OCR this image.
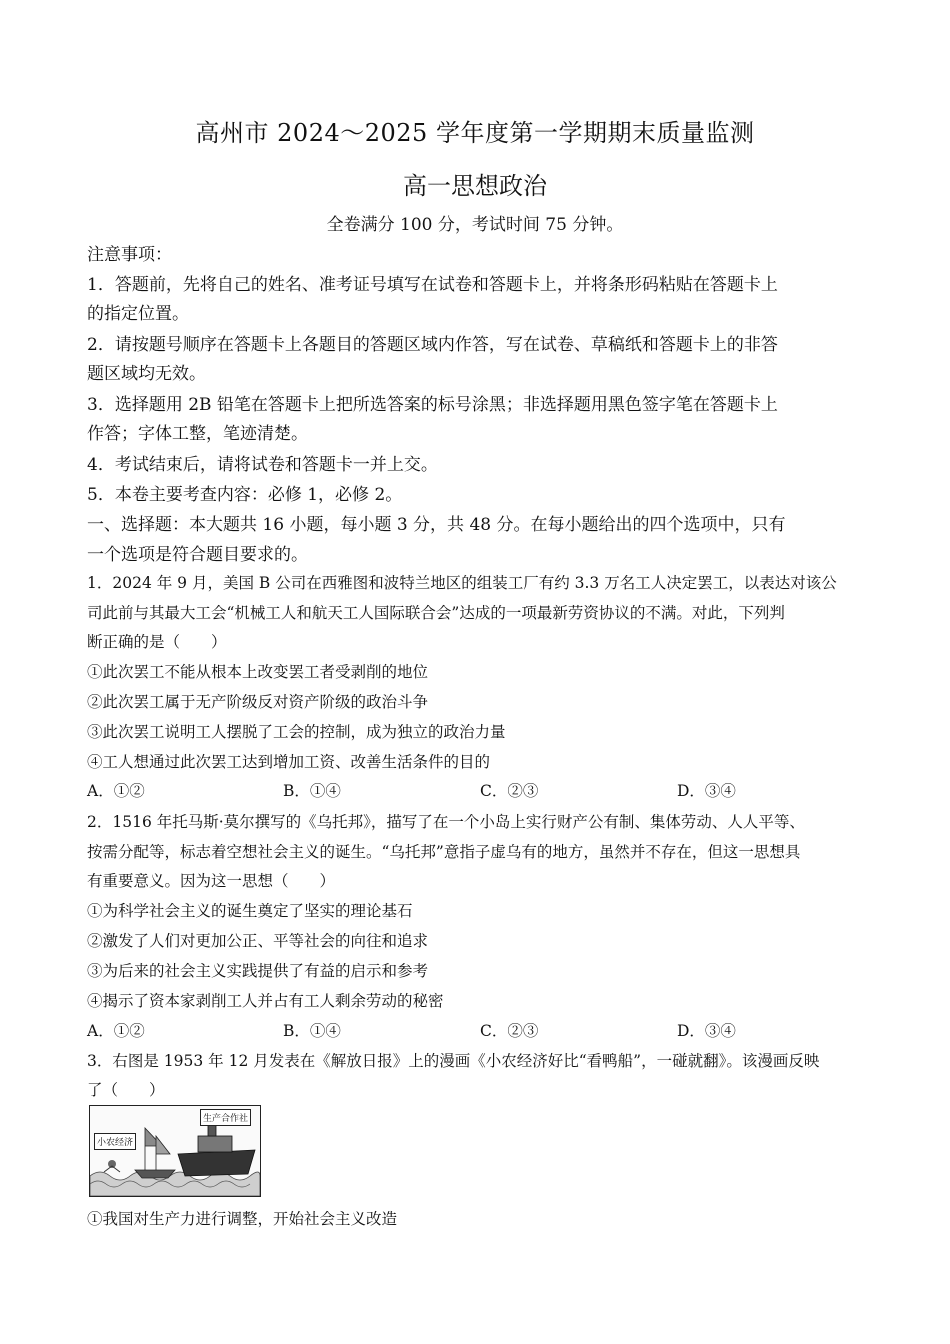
高州市 2024～2025 学年度第一学期期末质量监测
高一思想政治
全卷满分 100 分，考试时间 75 分钟。
注意事项：
1．答题前，先将自己的姓名、准考证号填写在试卷和答题卡上，并将条形码粘贴在答题卡上
的指定位置。
2．请按题号顺序在答题卡上各题目的答题区域内作答，写在试卷、草稿纸和答题卡上的非答
题区域均无效。
3．选择题用 2B 铅笔在答题卡上把所选答案的标号涂黑；非选择题用黑色签字笔在答题卡上
作答；字体工整，笔迹清楚。
4．考试结束后，请将试卷和答题卡一并上交。
5．本卷主要考查内容：必修 1，必修 2。
一、选择题：本大题共 16 小题，每小题 3 分，共 48 分。在每小题给出的四个选项中，只有
一个选项是符合题目要求的。
1．2024 年 9 月，美国 B 公司在西雅图和波特兰地区的组装工厂有约 3.3 万名工人决定罢工，以表达对该公
司此前与其最大工会“机械工人和航天工人国际联合会”达成的一项最新劳资协议的不满。对此，下列判
断正确的是（　　）
①此次罢工不能从根本上改变罢工者受剥削的地位
②此次罢工属于无产阶级反对资产阶级的政治斗争
③此次罢工说明工人摆脱了工会的控制，成为独立的政治力量
④工人想通过此次罢工达到增加工资、改善生活条件的目的
A．①②	B．①④	C．②③	D．③④
2．1516 年托马斯·莫尔撰写的《乌托邦》，描写了在一个小岛上实行财产公有制、集体劳动、人人平等、
按需分配等，标志着空想社会主义的诞生。“乌托邦”意指子虚乌有的地方，虽然并不存在，但这一思想具
有重要意义。因为这一思想（　　）
①为科学社会主义的诞生奠定了坚实的理论基石
②激发了人们对更加公正、平等社会的向往和追求
③为后来的社会主义实践提供了有益的启示和参考
④揭示了资本家剥削工人并占有工人剩余劳动的秘密
A．①②	B．①④	C．②③	D．③④
3．右图是 1953 年 12 月发表在《解放日报》上的漫画《小农经济好比“看鸭船”，一碰就翻》。该漫画反映
了（　　）
小农经济
生产合作社
①我国对生产力进行调整，开始社会主义改造
